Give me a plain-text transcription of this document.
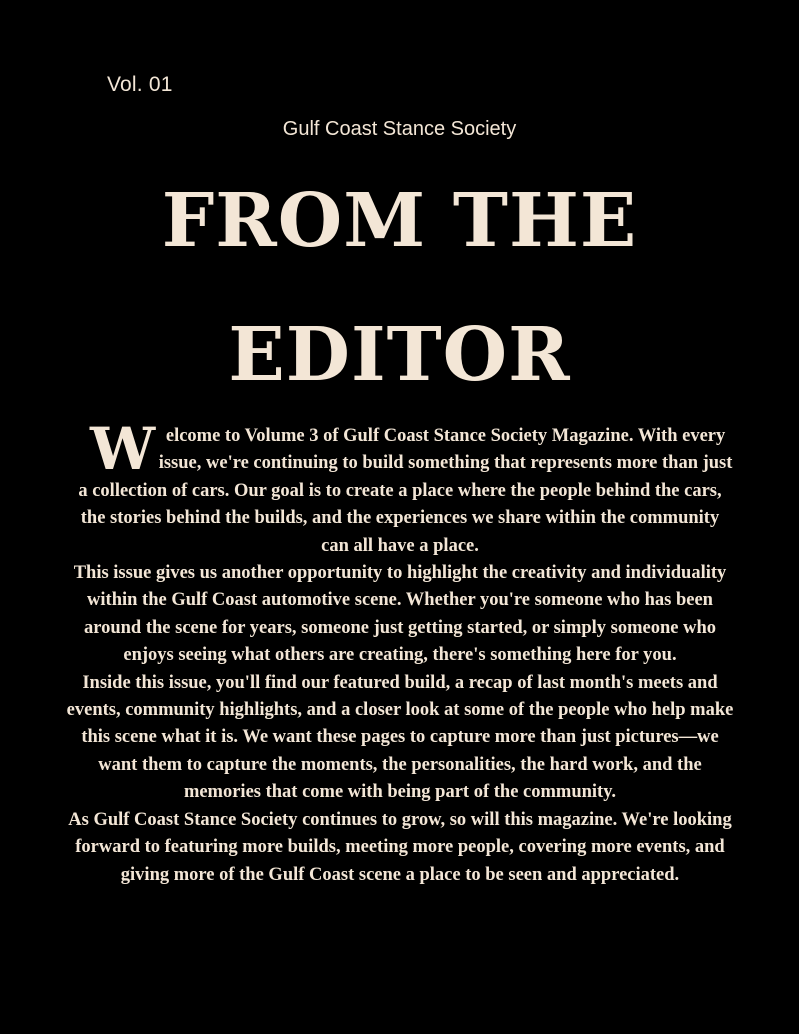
Vol. 01
Gulf Coast Stance Society
FROM THE
EDITOR

Welcome to Volume 3 of Gulf Coast Stance Society Magazine. With every issue, we're continuing to build something that represents more than just a collection of cars. Our goal is to create a place where the people behind the cars, the stories behind the builds, and the experiences we share within the community can all have a place.

This issue gives us another opportunity to highlight the creativity and individuality within the Gulf Coast automotive scene. Whether you're someone who has been around the scene for years, someone just getting started, or simply someone who enjoys seeing what others are creating, there's something here for you.

Inside this issue, you'll find our featured build, a recap of last month's meets and events, community highlights, and a closer look at some of the people who help make this scene what it is. We want these pages to capture more than just pictures—we want them to capture the moments, the personalities, the hard work, and the memories that come with being part of the community.

As Gulf Coast Stance Society continues to grow, so will this magazine. We're looking forward to featuring more builds, meeting more people, covering more events, and giving more of the Gulf Coast scene a place to be seen and appreciated.
